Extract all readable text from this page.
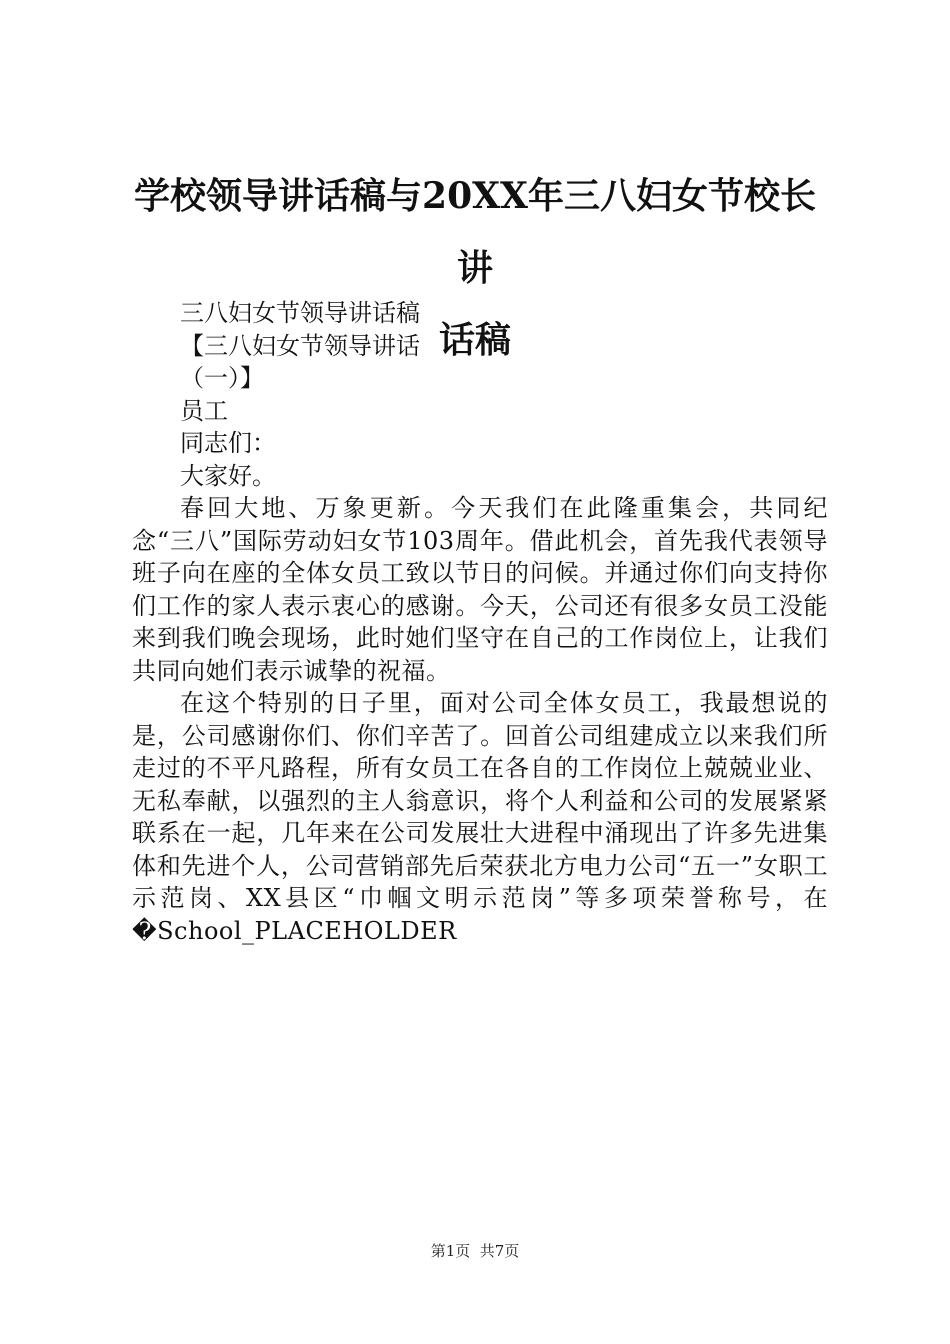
学校领导讲话稿与20XX年三八妇女节校长讲
话稿
三八妇女节领导讲话稿
【三八妇女节领导讲话
（一）】
员工
同志们：
大家好。

春回大地、万象更新。今天我们在此隆重集会，共同纪念“三八”国际劳动妇女节103周年。借此机会，首先我代表领导班子向在座的全体女员工致以节日的问候。并通过你们向支持你们工作的家人表示衷心的感谢。今天，公司还有很多女员工没能来到我们晚会现场，此时她们坚守在自己的工作岗位上，让我们共同向她们表示诚挚的祝福。

在这个特别的日子里，面对公司全体女员工，我最想说的是，公司感谢你们、你们辛苦了。回首公司组建成立以来我们所走过的不平凡路程，所有女员工在各自的工作岗位上兢兢业业、无私奉献，以强烈的主人翁意识，将个人利益和公司的发展紧紧联系在一起，几年来在公司发展壮大进程中涌现出了许多先进集体和先进个人，公司营销部先后荣获北方电力公司“五一”女职工示范岗、XX县区“巾帼文明示范岗”等多项荣誉称号，在�School_PLACEHOLDER

第1页  共7页
